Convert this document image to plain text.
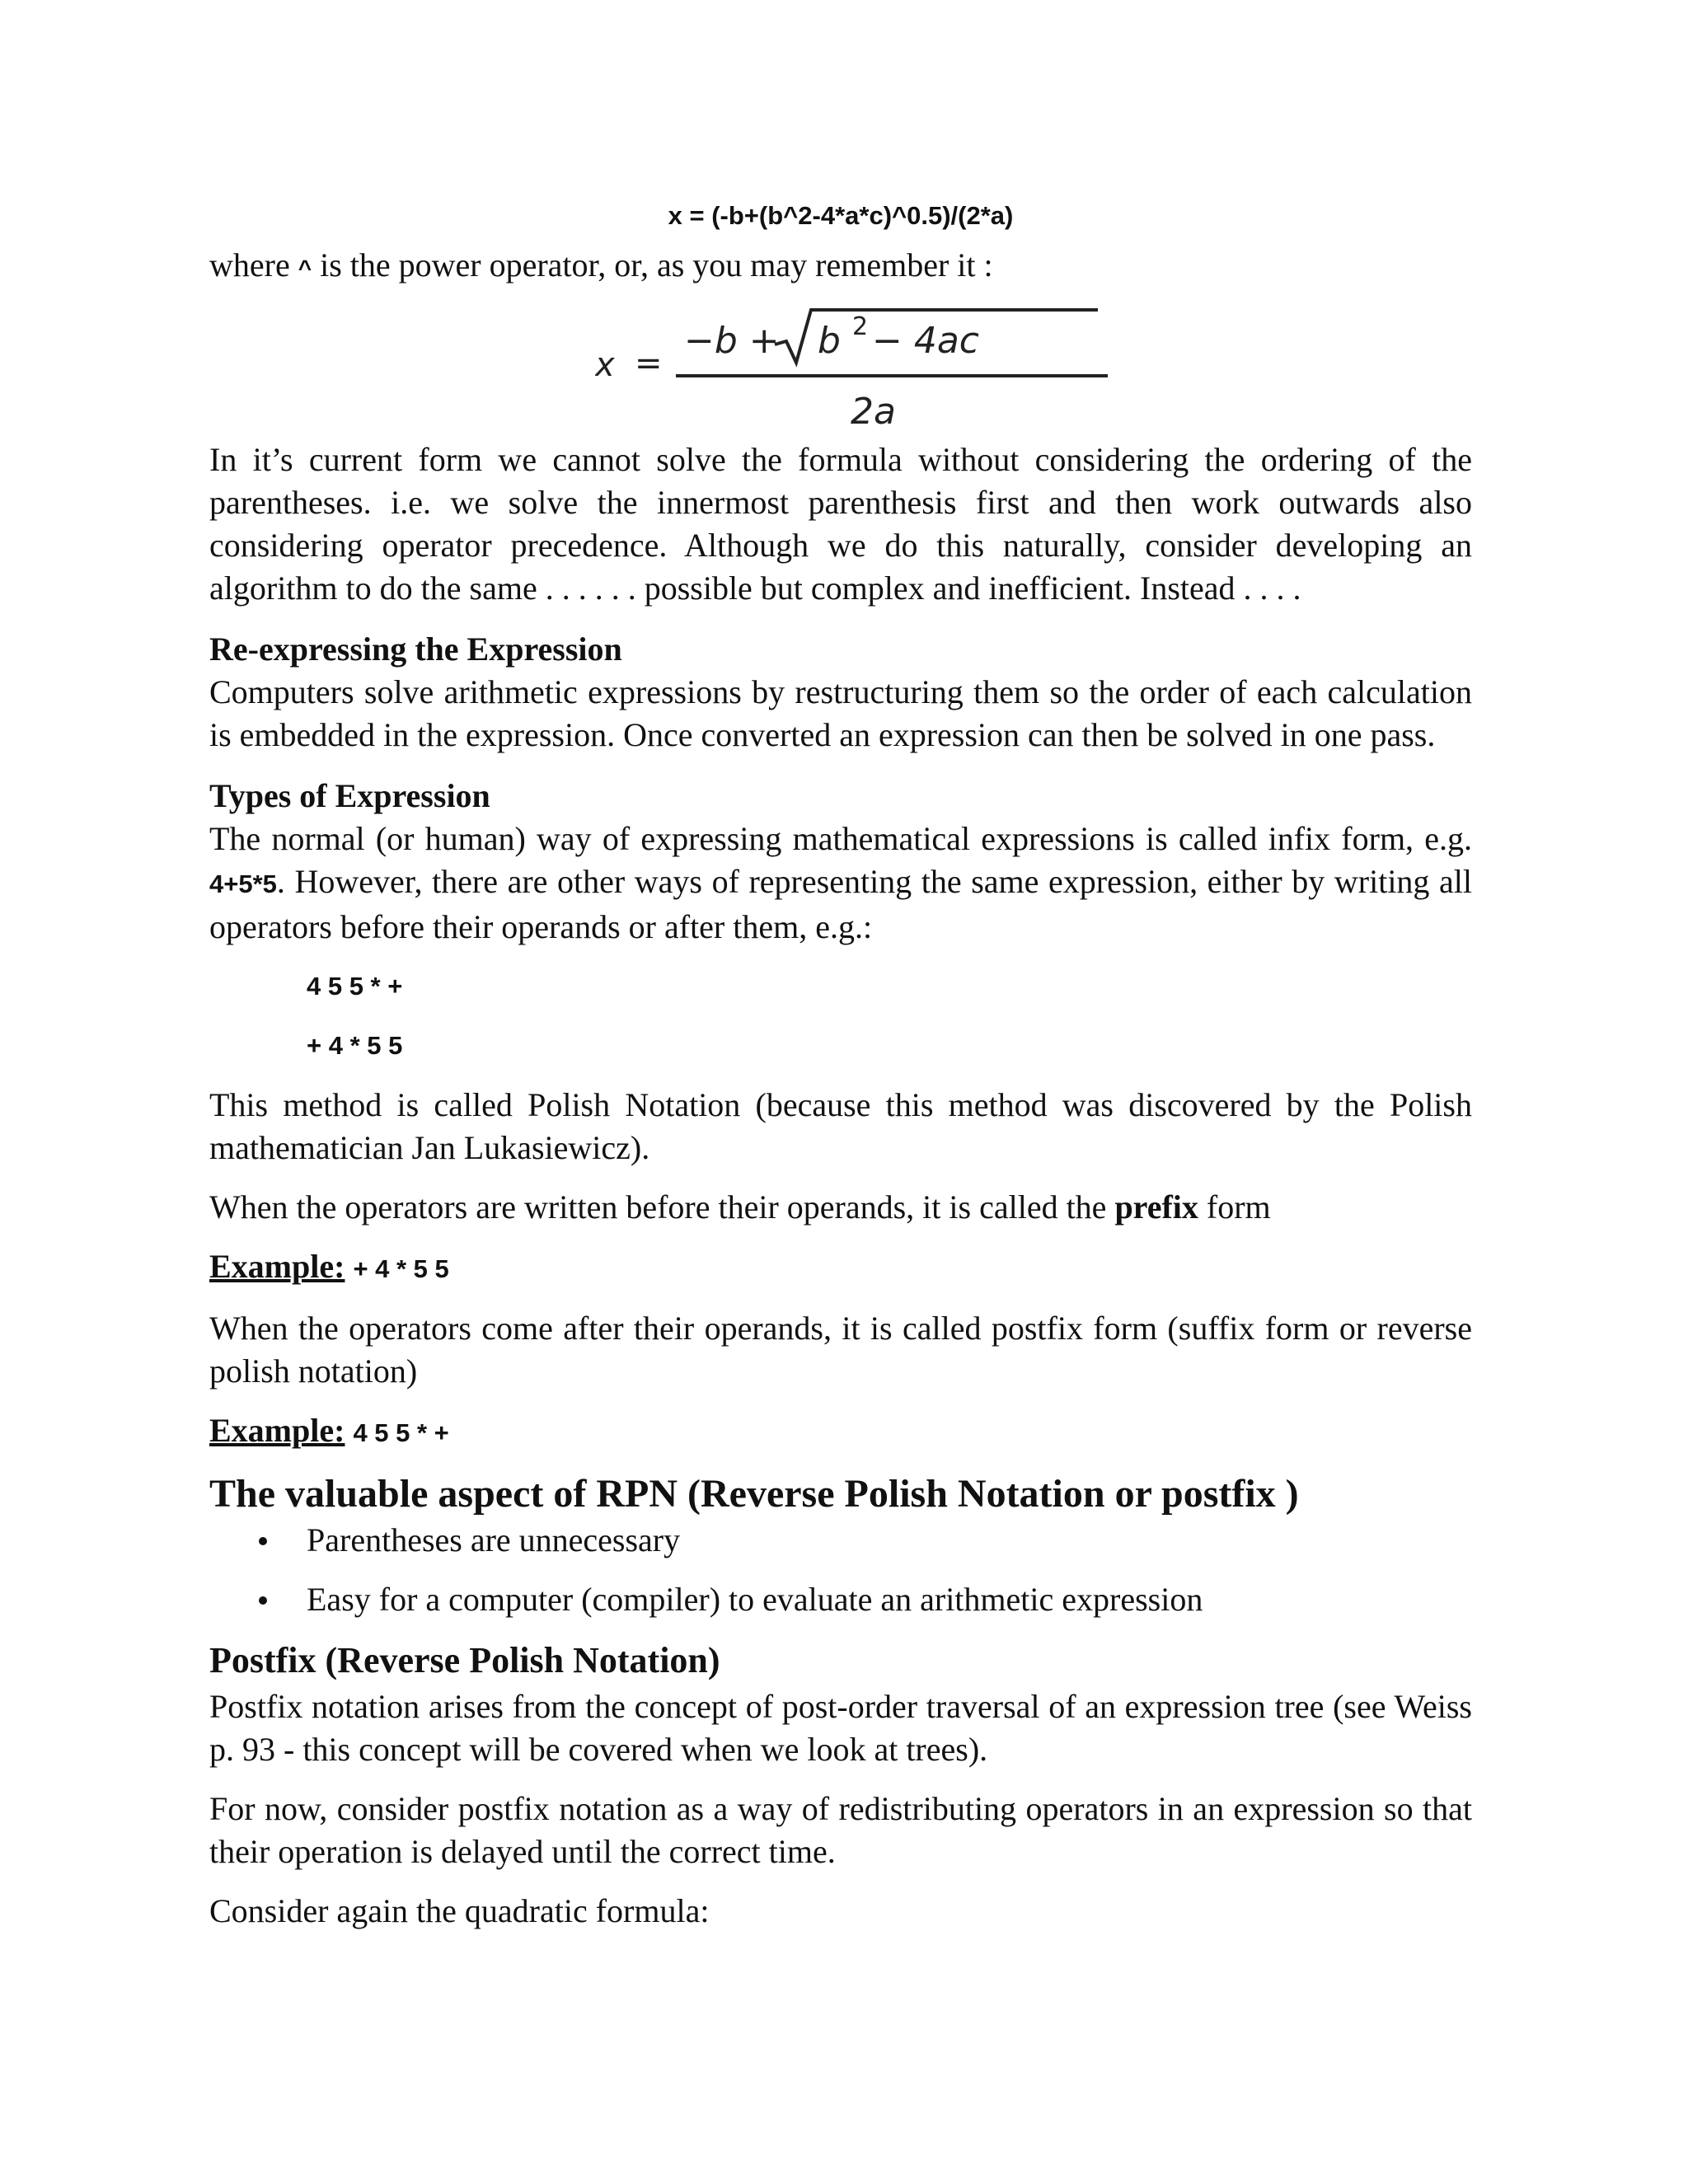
x = (-b+(b^2-4*a*c)^0.5)/(2*a)

where ^ is the power operator, or, as you may remember it :

x =
−b + b 2 − 4ac
2a

In it’s current form we cannot solve the formula without considering the ordering of the parentheses. i.e. we solve the innermost parenthesis first and then work outwards also considering operator precedence. Although we do this naturally, consider developing an algorithm to do the same . . . . . . possible but complex and inefficient. Instead . . . .

Re-expressing the Expression

Computers solve arithmetic expressions by restructuring them so the order of each calculation is embedded in the expression. Once converted an expression can then be solved in one pass.

Types of Expression

The normal (or human) way of expressing mathematical expressions is called infix form, e.g. 4+5*5. However, there are other ways of representing the same expression, either by writing all operators before their operands or after them, e.g.:

4 5 5 * +
+ 4 * 5 5

This method is called Polish Notation (because this method was discovered by the Polish mathematician Jan Lukasiewicz).

When the operators are written before their operands, it is called the prefix form

Example: + 4 * 5 5

When the operators come after their operands, it is called postfix form (suffix form or reverse polish notation)

Example: 4 5 5 * +

The valuable aspect of RPN (Reverse Polish Notation or postfix )
Parentheses are unnecessary
Easy for a computer (compiler) to evaluate an arithmetic expression
Postfix (Reverse Polish Notation)

Postfix notation arises from the concept of post-order traversal of an expression tree (see Weiss p. 93 - this concept will be covered when we look at trees).

For now, consider postfix notation as a way of redistributing operators in an expression so that their operation is delayed until the correct time.

Consider again the quadratic formula:
